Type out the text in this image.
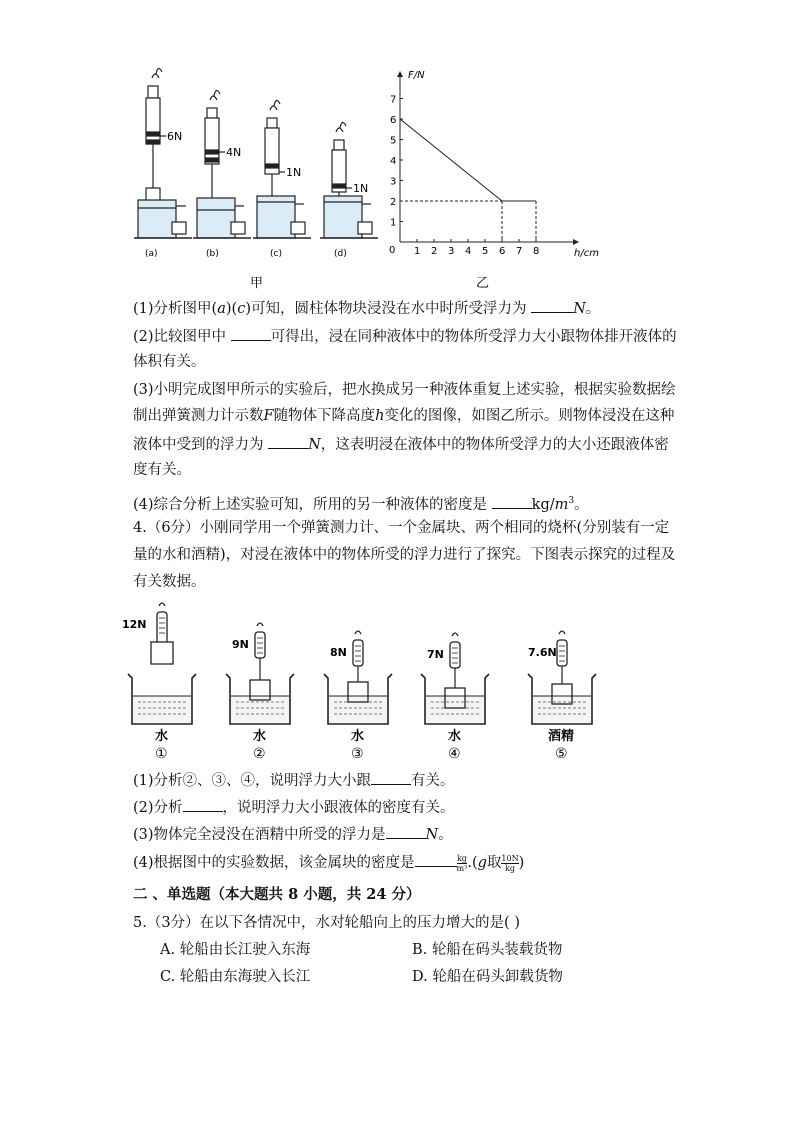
6N
4N
1N
1N
(a)	(b)	(c)	(d)
甲
F/N
h/cm
0
1
2
3
4
5
6
7
1 2 3 4 5 6 7 8
乙
(1)分析图甲(a)(c)可知，圆柱体物块浸没在水中时所受浮力为	N。
(2)比较图甲中	可得出，浸在同种液体中的物体所受浮力大小跟物体排开液体的
体积有关。
(3)小明完成图甲所示的实验后，把水换成另一种液体重复上述实验，根据实验数据绘
制出弹簧测力计示数F随物体下降高度h变化的图像，如图乙所示。则物体浸没在这种
液体中受到的浮力为	N，这表明浸在液体中的物体所受浮力的大小还跟液体密
度有关。
(4)综合分析上述实验可知，所用的另一种液体的密度是	$kg/m^3$。
4.（6分）小刚同学用一个弹簧测力计、一个金属块、两个相同的烧杯(分别装有一定
量的水和酒精)，对浸在液体中的物体所受的浮力进行了探究。下图表示探究的过程及
有关数据。
12N
水
①
9N
水
②
8N
水
③
7N
水
④
7.6N
酒精
⑤
(1)分析②、③、④，说明浮力大小跟	有关。
(2)分析	，说明浮力大小跟液体的密度有关。
(3)物体完全浸没在酒精中所受的浮力是	N。
(4)根据图中的实验数据，该金属块的密度是	$\frac{kg}{\text{m³}} .(g$取 $\frac{10N}{kg}$ )
二 、单选题（本大题共 8 小题，共 24 分）
5.（3分）在以下各情况中，水对轮船向上的压力增大的是( )
A. 轮船由长江驶入东海	B. 轮船在码头装载货物
C. 轮船由东海驶入长江	D. 轮船在码头卸载货物
